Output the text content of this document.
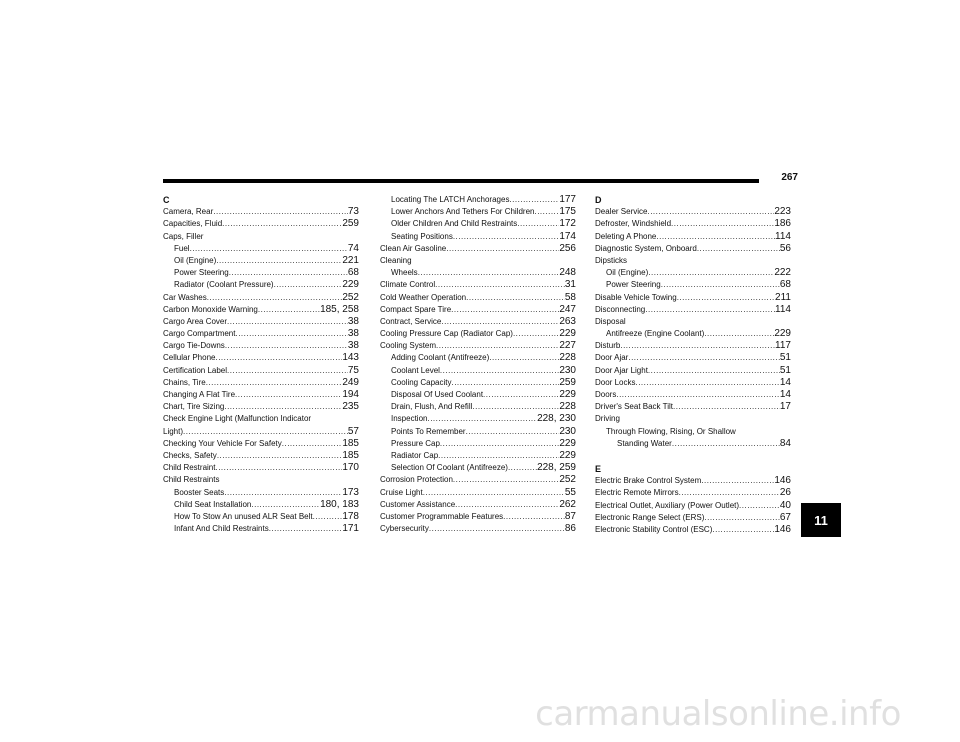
267
C
Camera, Rear .....	73
Capacities, Fluid .....	259
Caps, Filler
Fuel .....	74
Oil (Engine) .....	221
Power Steering .....	68
Radiator (Coolant Pressure) .....	229
Car Washes .....	252
Carbon Monoxide Warning .....	185, 258
Cargo Area Cover .....	38
Cargo Compartment .....	38
Cargo Tie-Downs .....	38
Cellular Phone .....	143
Certification Label .....	75
Chains, Tire .....	249
Changing A Flat Tire .....	194
Chart, Tire Sizing .....	235
Check Engine Light (Malfunction Indicator
Light) .....	57
Checking Your Vehicle For Safety .....	185
Checks, Safety .....	185
Child Restraint .....	170
Child Restraints
Booster Seats .....	173
Child Seat Installation .....	180, 183
How To Stow An unused ALR Seat Belt .....	178
Infant And Child Restraints .....	171
Locating The LATCH Anchorages .....	177
Lower Anchors And Tethers For Children ..... 175
Older Children And Child Restraints .....	172
Seating Positions .....	174
Clean Air Gasoline .....	256
Cleaning
Wheels .....	248
Climate Control .....	31
Cold Weather Operation .....	58
Compact Spare Tire .....	247
Contract, Service .....	263
Cooling Pressure Cap (Radiator Cap) .....	229
Cooling System .....	227
Adding Coolant (Antifreeze) .....	228
Coolant Level .....	230
Cooling Capacity .....	259
Disposal Of Used Coolant .....	229
Drain, Flush, And Refill .....	228
Inspection .....	228, 230
Points To Remember .....	230
Pressure Cap .....	229
Radiator Cap .....	229
Selection Of Coolant (Antifreeze) .....	228, 259
Corrosion Protection .....	252
Cruise Light .....	55
Customer Assistance .....	262
Customer Programmable Features .....	87
Cybersecurity .....	86
D
Dealer Service .....	223
Defroster, Windshield .....	186
Deleting A Phone .....	114
Diagnostic System, Onboard .....	56
Dipsticks
Oil (Engine) .....	222
Power Steering .....	68
Disable Vehicle Towing .....	211
Disconnecting .....	114
Disposal
Antifreeze (Engine Coolant) .....	229
Disturb .....	117
Door Ajar .....	51
Door Ajar Light .....	51
Door Locks .....	14
Doors .....	14
Driver's Seat Back Tilt .....	17
Driving
Through Flowing, Rising, Or Shallow
Standing Water .....	84
E
Electric Brake Control System .....	146
Electric Remote Mirrors .....	26
Electrical Outlet, Auxiliary (Power Outlet) .....	40
Electronic Range Select (ERS) .....	67
Electronic Stability Control (ESC) .....	146
11
carmanualsonline.info
